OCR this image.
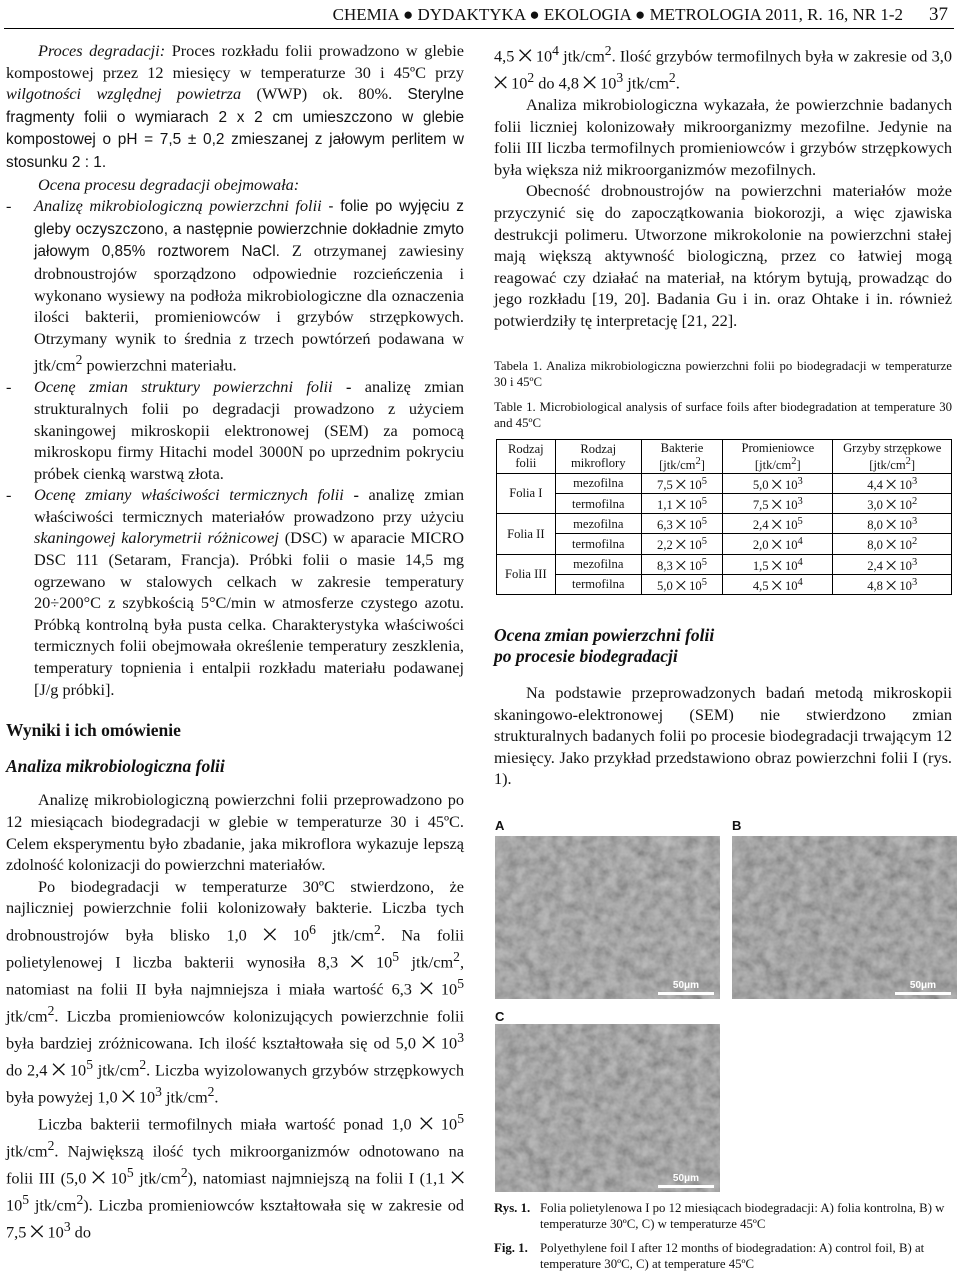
CHEMIA ● DYDAKTYKA ● EKOLOGIA ● METROLOGIA 2011, R. 16, NR 1-2 37

Proces degradacji: Proces rozkładu folii prowadzono w glebie kompostowej przez 12 miesięcy w temperaturze 30 i 45ºC przy wilgotności względnej powietrza (WWP) ok. 80%. Sterylne fragmenty folii o wymiarach 2 x 2 cm umieszczono w glebie kompostowej o pH = 7,5 ± 0,2 zmieszanej z jałowym perlitem w stosunku 2 : 1.

Ocena procesu degradacji obejmowała:

- Analizę mikrobiologiczną powierzchni folii - folie po wyjęciu z gleby oczyszczono, a następnie powierzchnie dokładnie zmyto jałowym 0,85% roztworem NaCl. Z otrzymanej zawiesiny drobnoustrojów sporządzono odpowiednie rozcieńczenia i wykonano wysiewy na podłoża mikrobiologiczne dla oznaczenia ilości bakterii, promieniowców i grzybów strzępkowych. Otrzymany wynik to średnia z trzech powtórzeń podawana w jtk/$cm^2$ powierzchni materiału.
- Ocenę zmian struktury powierzchni folii - analizę zmian strukturalnych folii po degradacji prowadzono z użyciem skaningowej mikroskopii elektronowej (SEM) za pomocą mikroskopu firmy Hitachi model 3000N po uprzednim pokryciu próbek cienką warstwą złota.
- Ocenę zmiany właściwości termicznych folii - analizę zmian właściwości termicznych materiałów prowadzono przy użyciu skaningowej kalorymetrii różnicowej (DSC) w aparacie MICRO DSC 111 (Setaram, Francja). Próbki folii o masie 14,5 mg ogrzewano w stalowych celkach w zakresie temperatury 20÷200°C z szybkością 5°C/min w atmosferze czystego azotu. Próbką kontrolną była pusta celka. Charakterystyka właściwości termicznych folii obejmowała określenie temperatury zeszklenia, temperatury topnienia i entalpii rozkładu materiału podawanej [J/g próbki].
Wyniki i ich omówienie
Analiza mikrobiologiczna folii

Analizę mikrobiologiczną powierzchni folii przeprowadzono po 12 miesiącach biodegradacji w glebie w temperaturze 30 i 45ºC. Celem eksperymentu było zbadanie, jaka mikroflora wykazuje lepszą zdolność kolonizacji do powierzchni materiałów.

Po biodegradacji w temperaturze 30ºC stwierdzono, że najliczniej powierzchnie folii kolonizowały bakterie. Liczba tych drobnoustrojów była blisko 1,0 ⨉ $10^6$ jtk/$cm^2$. Na folii polietylenowej I liczba bakterii wynosiła 8,3 ⨉ $10^5$ jtk/$cm^2$, natomiast na folii II była najmniejsza i miała wartość 6,3 ⨉ $10^5$ jtk/$cm^2$. Liczba promieniowców kolonizujących powierzchnie folii była bardziej zróżnicowana. Ich ilość kształtowała się od 5,0 ⨉ $10^3$ do 2,4 ⨉ $10^5$ jtk/$cm^2$. Liczba wyizolowanych grzybów strzępkowych była powyżej 1,0 ⨉ $10^3$ jtk/$cm^2$.

Liczba bakterii termofilnych miała wartość ponad 1,0 ⨉ $10^5$ jtk/$cm^2$. Największą ilość tych mikroorganizmów odnotowano na folii III (5,0 ⨉ $10^5$ jtk/$cm^2$), natomiast najmniejszą na folii I (1,1 ⨉ $10^5$ jtk/$cm^2$). Liczba promieniowców kształtowała się w zakresie od 7,5 ⨉ $10^3$ do

4,5 ⨉ $10^4$ jtk/$cm^2$. Ilość grzybów termofilnych była w zakresie od 3,0 ⨉ $10^2$ do 4,8 ⨉ $10^3$ jtk/$cm^2$.

Analiza mikrobiologiczna wykazała, że powierzchnie badanych folii liczniej kolonizowały mikroorganizmy mezofilne. Jedynie na folii III liczba termofilnych promieniowców i grzybów strzępkowych była większa niż mikroorganizmów mezofilnych.

Obecność drobnoustrojów na powierzchni materiałów może przyczynić się do zapoczątkowania biokorozji, a więc zjawiska destrukcji polimeru. Utworzone mikrokolonie na powierzchni stałej mają większą aktywność biologiczną, przez co łatwiej mogą reagować czy działać na materiał, na którym bytują, prowadząc do jego rozkładu [19, 20]. Badania Gu i in. oraz Ohtake i in. również potwierdziły tę interpretację [21, 22].

Tabela 1. Analiza mikrobiologiczna powierzchni folii po biodegradacji w temperaturze 30 i 45ºC

Table 1. Microbiological analysis of surface foils after biodegradation at temperature 30 and 45ºC

Rodzaj folii	Rodzaj mikroflory	Bakterie $[jtk/cm^2]$	Promieniowce $[jtk/cm^2]$	Grzyby strzępkowe $[jtk/cm^2]$
Folia I	mezofilna	7,5 ⨉ $10^5$	5,0 ⨉ $10^3$	4,4 ⨉ $10^3$
	termofilna	1,1 ⨉ $10^5$	7,5 ⨉ $10^3$	3,0 ⨉ $10^2$
Folia II	mezofilna	6,3 ⨉ $10^5$	2,4 ⨉ $10^5$	8,0 ⨉ $10^3$
	termofilna	2,2 ⨉ $10^5$	2,0 ⨉ $10^4$	8,0 ⨉ $10^2$
Folia III	mezofilna	8,3 ⨉ $10^5$	1,5 ⨉ $10^4$	2,4 ⨉ $10^3$
	termofilna	5,0 ⨉ $10^5$	4,5 ⨉ $10^4$	4,8 ⨉ $10^3$
Ocena zmian powierzchni folii
po procesie biodegradacji

Na podstawie przeprowadzonych badań metodą mikroskopii skaningowo-elektronowej (SEM) nie stwierdzono zmian strukturalnych badanych folii po procesie biodegradacji trwającym 12 miesięcy. Jako przykład przedstawiono obraz powierzchni folii I (rys. 1).

A	B
C
50μm	50μm
50μm
Rys. 1. Folia polietylenowa I po 12 miesiącach biodegradacji: A) folia kontrolna, B) w temperaturze 30ºC, C) w temperaturze 45ºC
Fig. 1. Polyethylene foil I after 12 months of biodegradation: A) control foil, B) at temperature 30ºC, C) at temperature 45ºC
